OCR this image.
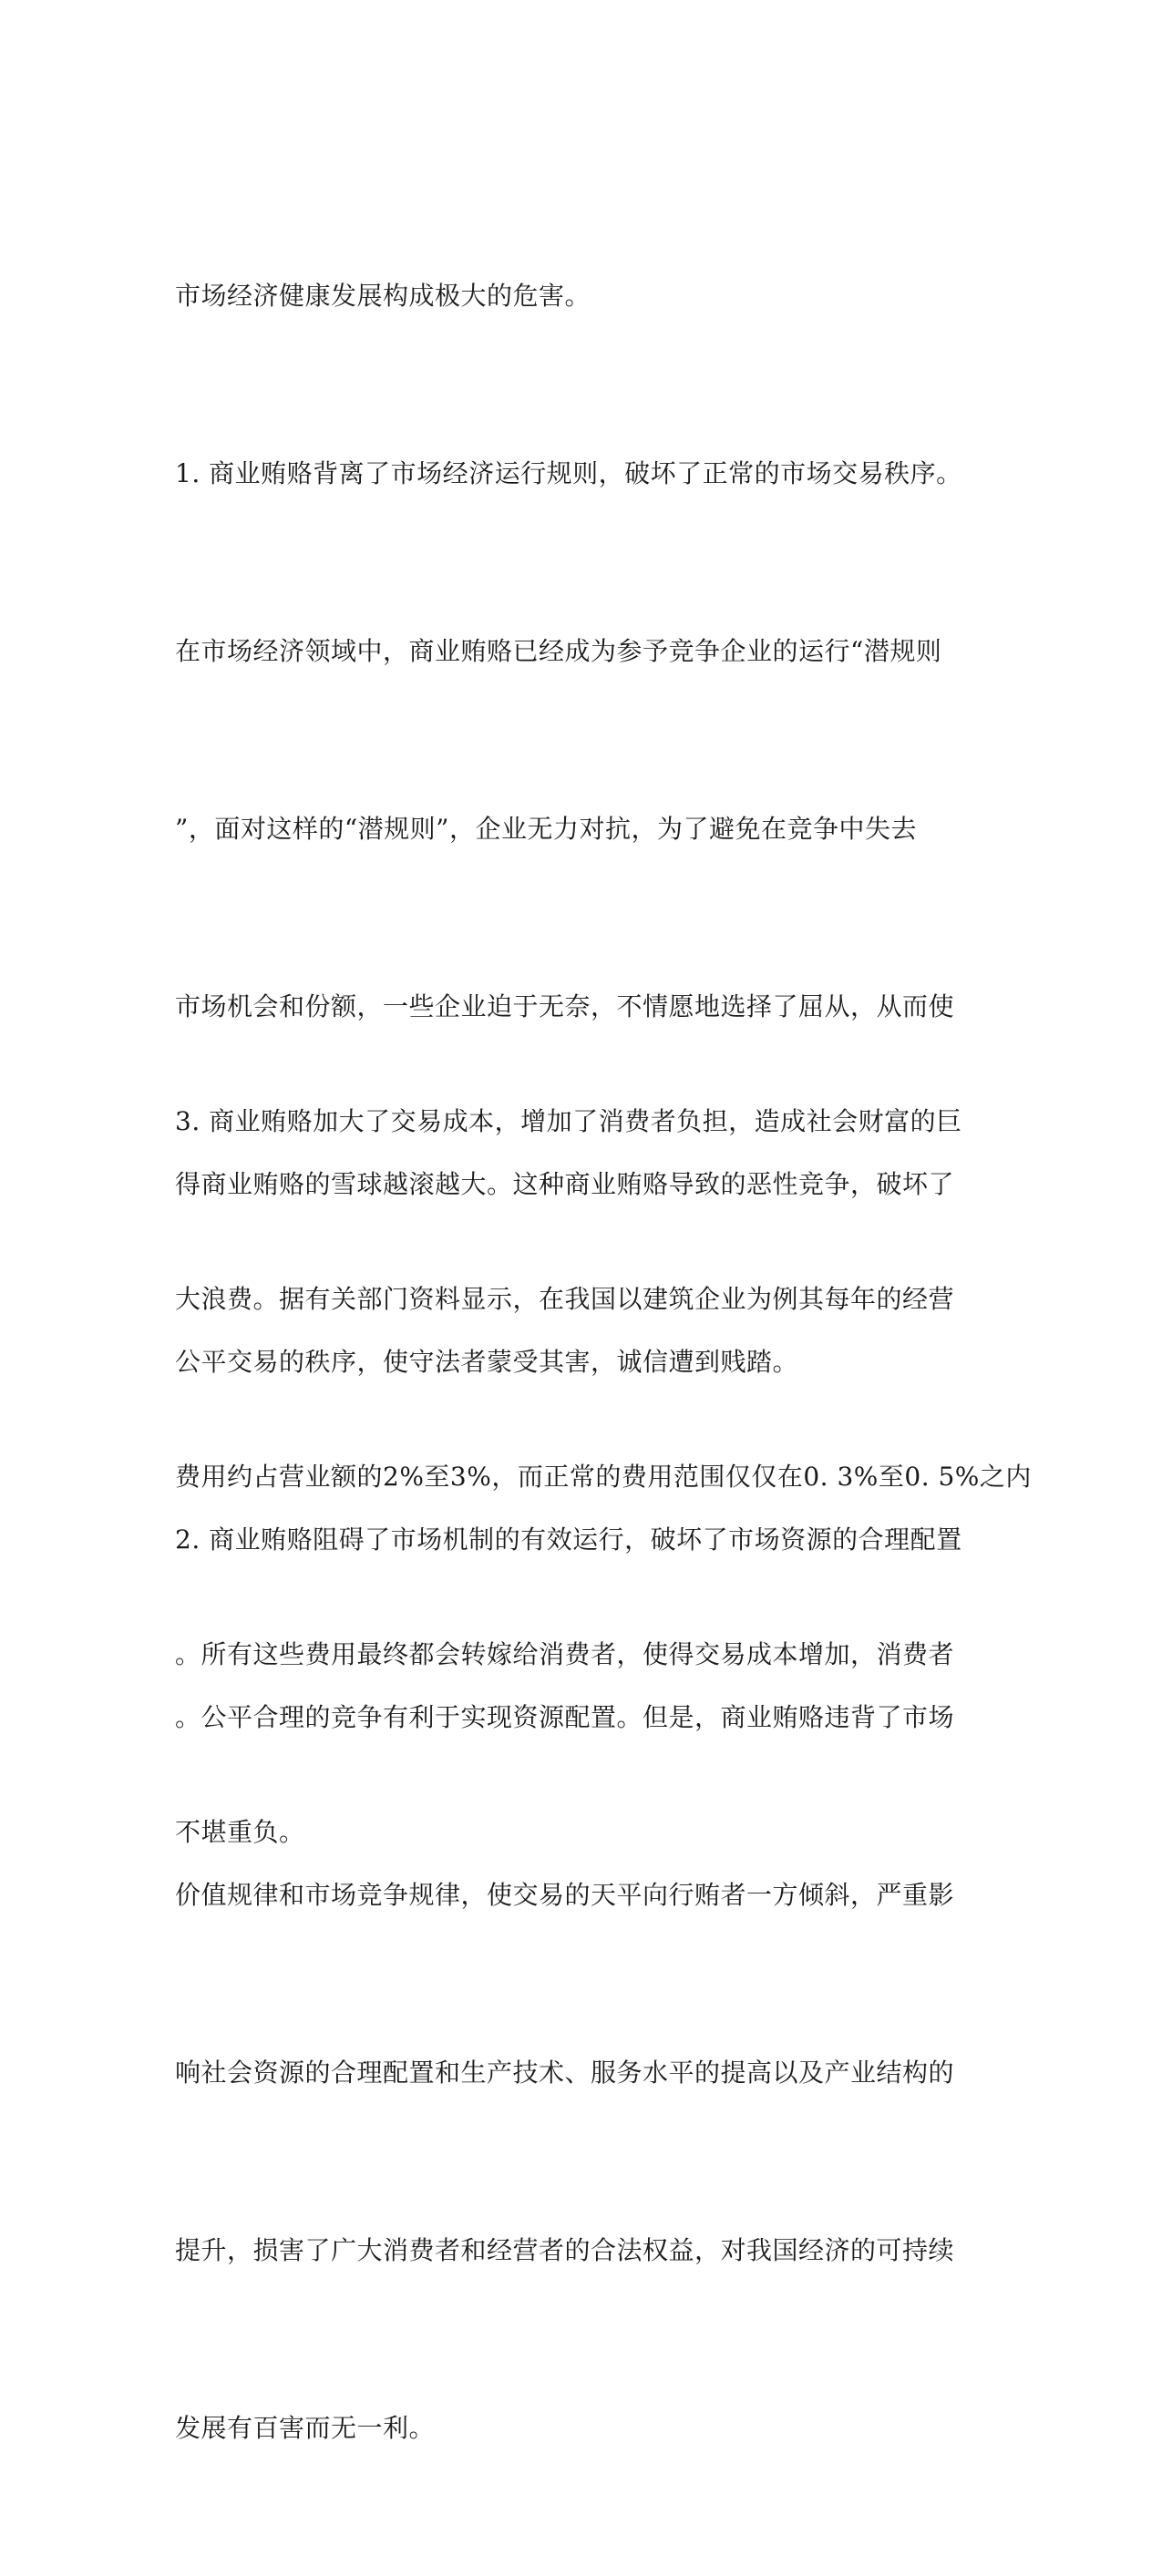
市场经济健康发展构成极大的危害。

1. 商业贿赂背离了市场经济运行规则，破坏了正常的市场交易秩序。

在市场经济领域中，商业贿赂已经成为参予竞争企业的运行“潜规则

”，面对这样的“潜规则”，企业无力对抗，为了避免在竞争中失去

市场机会和份额，一些企业迫于无奈，不情愿地选择了屈从，从而使

得商业贿赂的雪球越滚越大。这种商业贿赂导致的恶性竞争，破坏了

公平交易的秩序，使守法者蒙受其害，诚信遭到贱踏。

2. 商业贿赂阻碍了市场机制的有效运行，破坏了市场资源的合理配置

。公平合理的竞争有利于实现资源配置。但是，商业贿赂违背了市场

价值规律和市场竞争规律，使交易的天平向行贿者一方倾斜，严重影

响社会资源的合理配置和生产技术、服务水平的提高以及产业结构的

提升，损害了广大消费者和经营者的合法权益，对我国经济的可持续

发展有百害而无一利。

3. 商业贿赂加大了交易成本，增加了消费者负担，造成社会财富的巨

大浪费。据有关部门资料显示，在我国以建筑企业为例其每年的经营

费用约占营业额的2%至3%，而正常的费用范围仅仅在0. 3%至0. 5%之内

。所有这些费用最终都会转嫁给消费者，使得交易成本增加，消费者

不堪重负。
